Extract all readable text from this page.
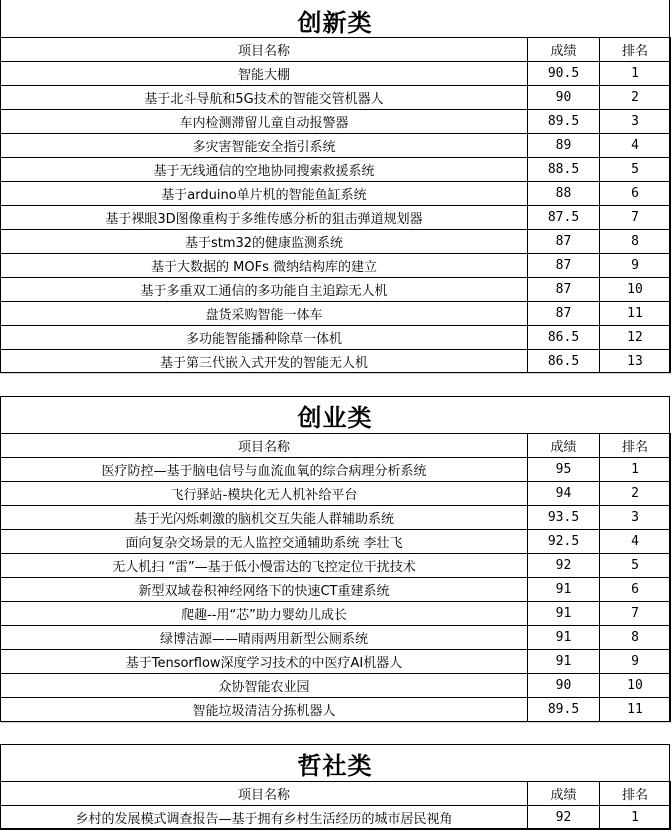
创新类
项目名称	成绩	排名
智能大棚	90.5	1
基于北斗导航和5G技术的智能交管机器人	90	2
车内检测滞留儿童自动报警器	89.5	3
多灾害智能安全指引系统	89	4
基于无线通信的空地协同搜索救援系统	88.5	5
基于arduino单片机的智能鱼缸系统	88	6
基于裸眼3D图像重构于多维传感分析的狙击弹道规划器	87.5	7
基于stm32的健康监测系统	87	8
基于大数据的 MOFs 微纳结构库的建立	87	9
基于多重双工通信的多功能自主追踪无人机	87	10
盘货采购智能一体车	87	11
多功能智能播种除草一体机	86.5	12
基于第三代嵌入式开发的智能无人机	86.5	13
创业类
项目名称	成绩	排名
医疗防控—基于脑电信号与血流血氧的综合病理分析系统	95	1
飞行驿站-模块化无人机补给平台	94	2
基于光闪烁刺激的脑机交互失能人群辅助系统	93.5	3
面向复杂交场景的无人监控交通辅助系统 李壮飞	92.5	4
无人机扫 “雷”—基于低小慢雷达的飞控定位干扰技术	92	5
新型双域卷积神经网络下的快速CT重建系统	91	6
爬趣--用“芯”助力婴幼儿成长	91	7
绿博洁源——晴雨两用新型公厕系统	91	8
基于Tensorflow深度学习技术的中医疗AI机器人	91	9
众协智能农业园	90	10
智能垃圾清洁分拣机器人	89.5	11
哲社类
项目名称	成绩	排名
乡村的发展模式调查报告—基于拥有乡村生活经历的城市居民视角	92	1
